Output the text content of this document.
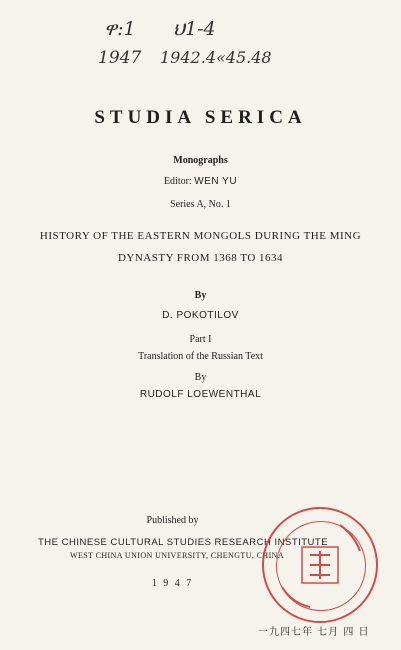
ዋ:1 ህ1-4
1947 1942.4«45.48
STUDIA SERICA
Monographs
Editor: WEN YU
Series A, No. 1
HISTORY OF THE EASTERN MONGOLS DURING THE MING
DYNASTY FROM 1368 TO 1634
By
D. POKOTILOV
Part I
Translation of the Russian Text
By
RUDOLF LOEWENTHAL
Published by
THE CHINESE CULTURAL STUDIES RESEARCH INSTITUTE
WEST CHINA UNION UNIVERSITY, CHENGTU, CHINA
1 9 4 7
一九四七年 七月 四 日
